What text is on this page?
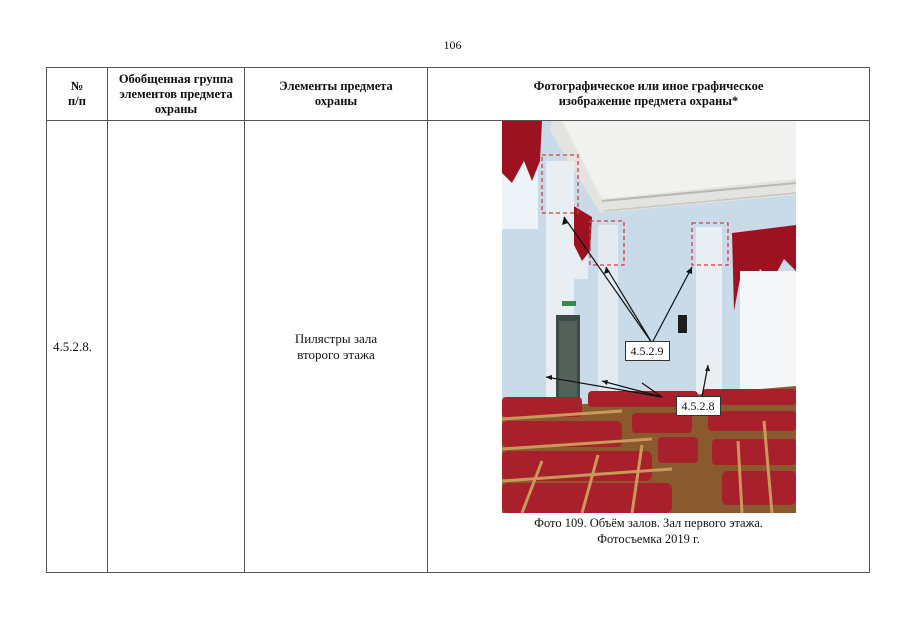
106
№
п/п	Обобщенная группа элементов предмета охраны	Элементы предмета охраны	Фотографическое или иное графическое изображение предмета охраны*

4.5.2.8.		Пилястры зала второго этажа	4.5.2.9
4.5.2.8
Фото 109. Объём залов. Зал первого этажа.
Фотосъемка 2019 г.
